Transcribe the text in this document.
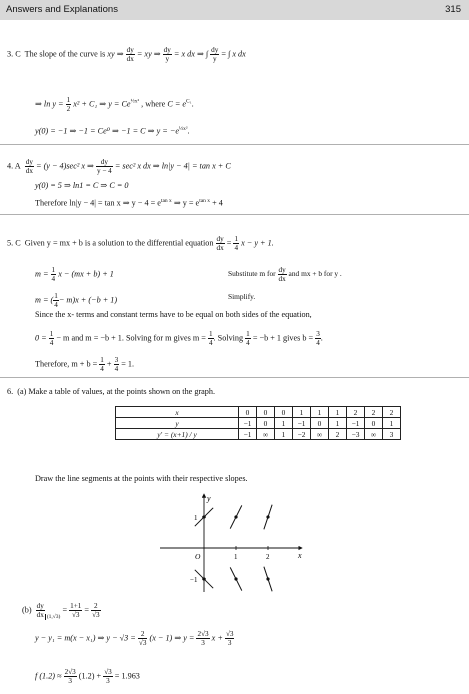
Answers and Explanations	315
3. C The slope of the curve is xy ⇒ $\frac{dy}{dx}$ = xy ⇒ $\frac{dy}{y} = x$ dx ⇒ ∫ $\frac{dy}{y}$ = ∫ x dx
⇒ $\ln y = \frac{1}{2} x^2 + C_1$ ⇒ $y = Ce^{\frac{1}{2}x^2}$ , where $C = e^{C_1}$.
y(0) = −1 ⇒ −1 = Ce⁰ ⇒ −1 = C ⇒ $y = -e^{\frac{1}{2}x^2}$.
4. A $\frac{dy}{dx} = (y - 4)\sec^2$ x ⇒ $\frac{dy}{y - 4} = \sec^2$ x dx ⇒ ln|y − 4| = tan x + C
y(0) = 5 ⇒ ln1 = C ⇒ C = 0
Therefore ln|y − 4| = tan x ⇒ $y - 4 = e^{tan x}$ ⇒ $y = e^{tan x} + 4$
5. C Given y = mx + b is a solution to the differential equation $\frac{dy}{dx} = \frac{1}{4}$ x − y + 1.
$m = \frac{1}{4}$ x − (mx + b) + 1	Substitute m for $\frac{dy}{dx}$ and mx + b for y .
m = ( $\frac{1}{4} - m)x + (-b + 1)$	Simplify.
Since the x- terms and constant terms have to be equal on both sides of the equation,
$0 = \frac{1}{4} - m$ and m = −b + 1. Solving for m gives $m = \frac{1}{4}$ . Solving $\frac{1}{4} = -b + 1$ gives $b = \frac{3}{4}$ .
Therefore, $m + b = \frac{1}{4} + \frac{3}{4} = 1$.
6. (a) Make a table of values, at the points shown on the graph.
x	0	0	0	1	1	1	2	2	2
y	−1	0	1	−1	0	1	−1	0	1
y′ = (x+1) / y	−1	∞	1	−2	∞	2	−3	∞	3
Draw the line segments at the points with their respective slopes.
x
y
O	1	2
1
−1
$(b) \frac{dy}{dx} _{(1,√3)} = \frac{1+1}{√3} = \frac{2}{√3}$
y − y₁ = m(x − x₁) ⇒ $y - √3 = \frac{2}{√3} (x - 1)$ ⇒ $y = \frac{2√3}{3}$ $x + \frac{√3}{3}$
f $(1.2) \approx \frac{2√3}{3} (1.2) + \frac{√3}{3} = 1.963$
